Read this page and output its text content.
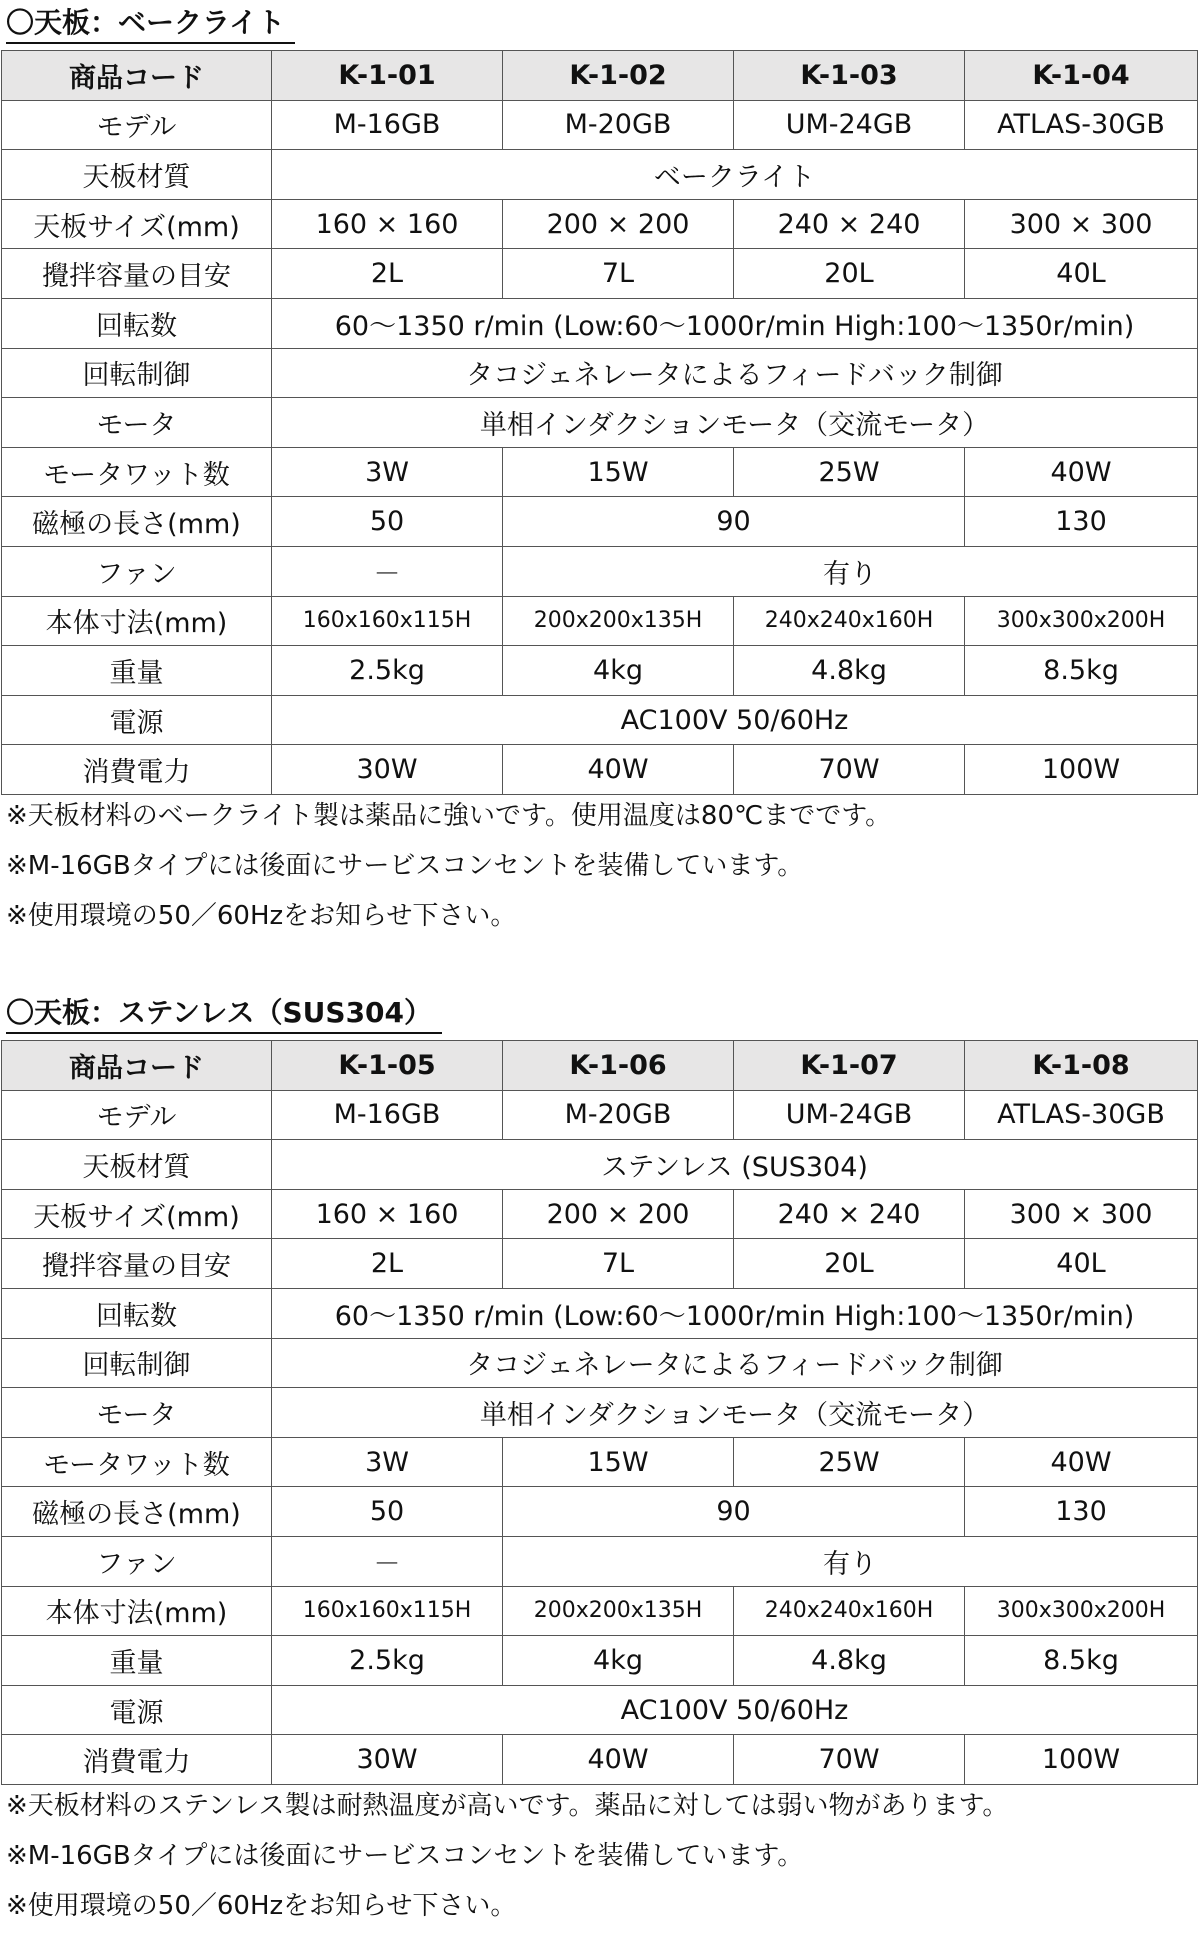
〇天板：ベークライト
商品コード	K-1-01	K-1-02	K-1-03	K-1-04
モデル	M-16GB	M-20GB	UM-24GB	ATLAS-30GB
天板材質	ベークライト			
天板サイズ(mm)	160 × 160	200 × 200	240 × 240	300 × 300
攪拌容量の目安	2L	7L	20L	40L
回転数	60～1350 r/min (Low:60～1000r/min High:100～1350r/min)			
回転制御	タコジェネレータによるフィードバック制御			
モータ	単相インダクションモータ（交流モータ）			
モータワット数	3W	15W	25W	40W
磁極の長さ(mm)	50	90		130
ファン	－	有り		
本体寸法(mm)	160x160x115H	200x200x135H	240x240x160H	300x300x200H
重量	2.5kg	4kg	4.8kg	8.5kg
電源	AC100V 50/60Hz			
消費電力	30W	40W	70W	100W
※天板材料のベークライト製は薬品に強いです。使用温度は80℃までです。
※M-16GBタイプには後面にサービスコンセントを装備しています。
※使用環境の50／60Hzをお知らせ下さい。
〇天板：ステンレス（SUS304）
商品コード	K-1-05	K-1-06	K-1-07	K-1-08
モデル	M-16GB	M-20GB	UM-24GB	ATLAS-30GB
天板材質	ステンレス (SUS304)			
天板サイズ(mm)	160 × 160	200 × 200	240 × 240	300 × 300
攪拌容量の目安	2L	7L	20L	40L
回転数	60～1350 r/min (Low:60～1000r/min High:100～1350r/min)			
回転制御	タコジェネレータによるフィードバック制御			
モータ	単相インダクションモータ（交流モータ）			
モータワット数	3W	15W	25W	40W
磁極の長さ(mm)	50	90		130
ファン	－	有り		
本体寸法(mm)	160x160x115H	200x200x135H	240x240x160H	300x300x200H
重量	2.5kg	4kg	4.8kg	8.5kg
電源	AC100V 50/60Hz			
消費電力	30W	40W	70W	100W
※天板材料のステンレス製は耐熱温度が高いです。薬品に対しては弱い物があります。
※M-16GBタイプには後面にサービスコンセントを装備しています。
※使用環境の50／60Hzをお知らせ下さい。
